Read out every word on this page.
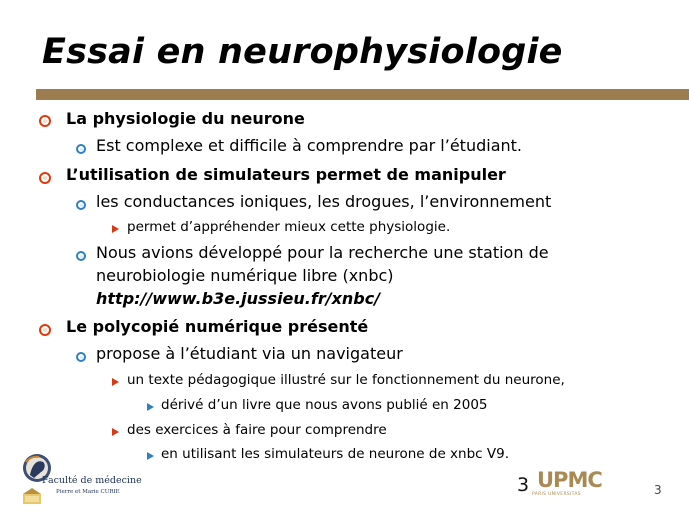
Essai en neurophysiologie

La physiologie du neurone

Est complexe et difficile à comprendre par l’étudiant.

L’utilisation de simulateurs permet de manipuler

les conductances ioniques, les drogues, l’environnement

permet d’appréhender mieux cette physiologie.

Nous avions développé pour la recherche une station de

neurobiologie numérique libre (xnbc)

http://www.b3e.jussieu.fr/xnbc/

Le polycopié numérique présenté

propose à l’étudiant via un navigateur

un texte pédagogique illustré sur le fonctionnement du neurone,

dérivé d’un livre que nous avons publié en 2005

des exercices à faire pour comprendre

en utilisant les simulateurs de neurone de xnbc V9.

Faculté de médecine
Pierre et Marie CURIE	UPMC
PARIS UNIVERSITAS
3	3
